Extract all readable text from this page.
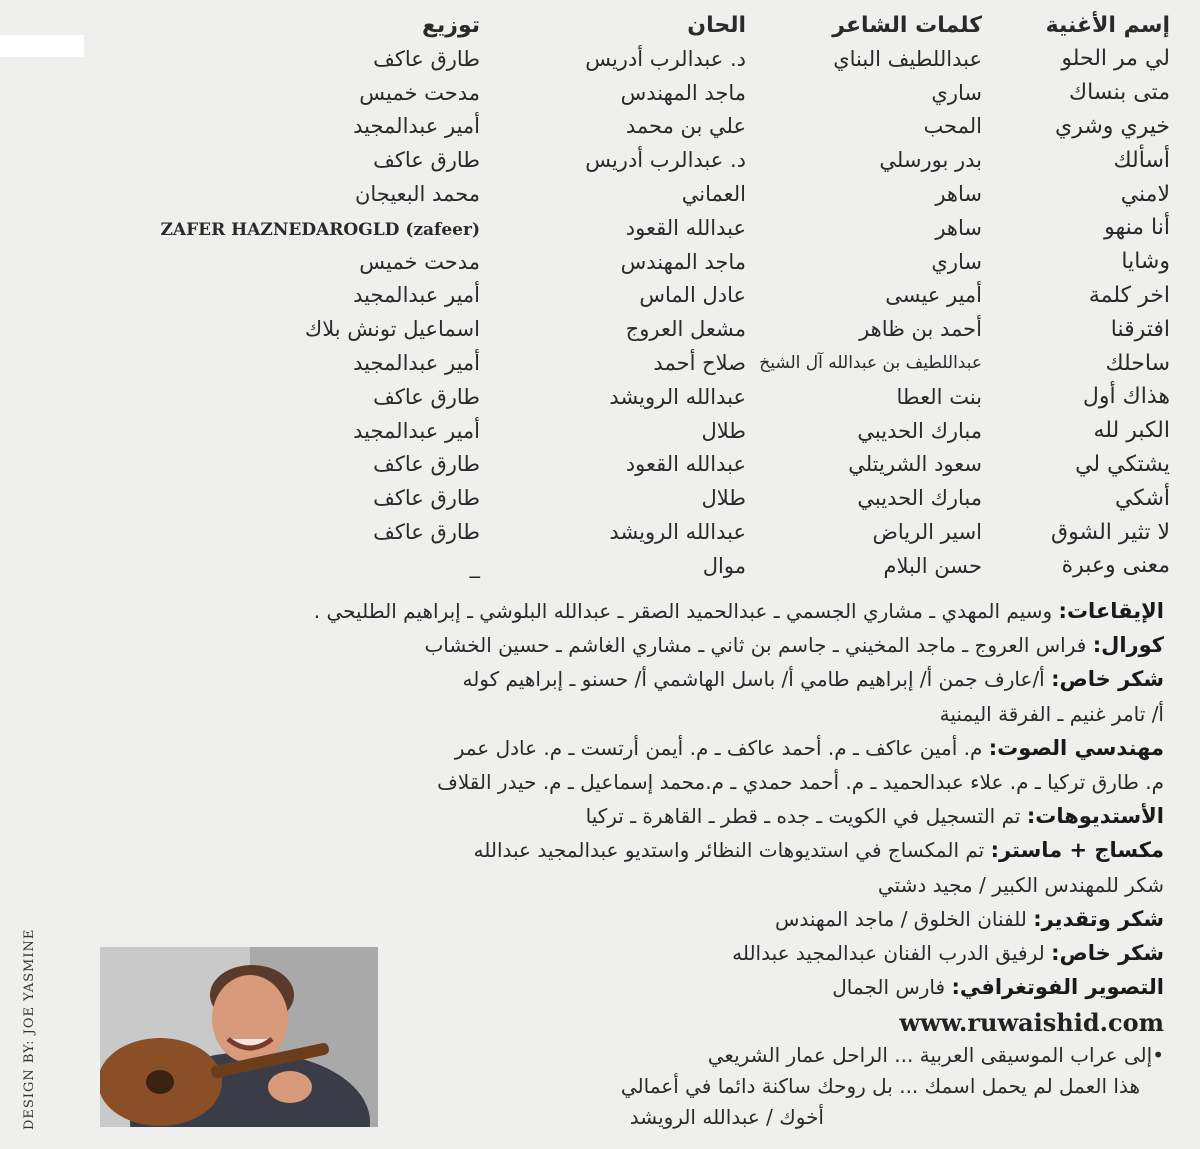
إسم الأغنية
كلمات الشاعر
الحان
توزيع
لي مر الحلو
عبداللطيف البناي
د. عبدالرب أدريس
طارق عاكف
متى بنساك
ساري
ماجد المهندس
مدحت خميس
خيري وشري
المحب
علي بن محمد
أمير عبدالمجيد
أسألك
بدر بورسلي
د. عبدالرب أدريس
طارق عاكف
لامني
ساهر
العماني
محمد البعيجان
أنا منهو
ساهر
عبدالله القعود
ZAFER HAZNEDAROGLD (zafeer)
وشايا
ساري
ماجد المهندس
مدحت خميس
اخر كلمة
أمير عيسى
عادل الماس
أمير عبدالمجيد
افترقنا
أحمد بن ظاهر
مشعل العروج
اسماعيل تونش بلاك
ساحلك
عبداللطيف بن عبدالله آل الشيخ
صلاح أحمد
أمير عبدالمجيد
هذاك أول
بنت العطا
عبدالله الرويشد
طارق عاكف
الكبر لله
مبارك الحديبي
طلال
أمير عبدالمجيد
يشتكي لي
سعود الشريتلي
عبدالله القعود
طارق عاكف
أشكي
مبارك الحديبي
طلال
طارق عاكف
لا تثير الشوق
اسير الرياض
عبدالله الرويشد
طارق عاكف
معنى وعبرة
حسن البلام
موال
_
الإيقاعات: وسيم المهدي ـ مشاري الجسمي ـ عبدالحميد الصقر ـ عبدالله البلوشي ـ إبراهيم الطليحي .
كورال: فراس العروج ـ ماجد المخيني ـ جاسم بن ثاني ـ مشاري الغاشم ـ حسين الخشاب
شكر خاص: أ/عارف جمن أ/ إبراهيم طامي أ/ باسل الهاشمي أ/ حسنو ـ إبراهيم كوله
أ/ تامر غنيم ـ الفرقة اليمنية
مهندسي الصوت: م. أمين عاكف ـ م. أحمد عاكف ـ م. أيمن أرتست ـ م. عادل عمر
م. طارق تركيا ـ م. علاء عبدالحميد ـ م. أحمد حمدي ـ م.محمد إسماعيل ـ م. حيدر القلاف
الأستديوهات: تم التسجيل في الكويت ـ جده ـ قطر ـ القاهرة ـ تركيا
مكساج + ماستر: تم المكساج في استديوهات النظائر واستديو عبدالمجيد عبدالله
شكر للمهندس الكبير / مجيد دشتي
شكر وتقدير: للفنان الخلوق / ماجد المهندس
شكر خاص: لرفيق الدرب الفنان عبدالمجيد عبدالله
التصوير الفوتغرافي: فارس الجمال
www.ruwaishid.com
•إلى عراب الموسيقى العربية ... الراحل عمار الشريعي
هذا العمل لم يحمل اسمك ... بل روحك ساكنة دائما في أعمالي
أخوك / عبدالله الرويشد
DESIGN BY: JOE YASMINE
